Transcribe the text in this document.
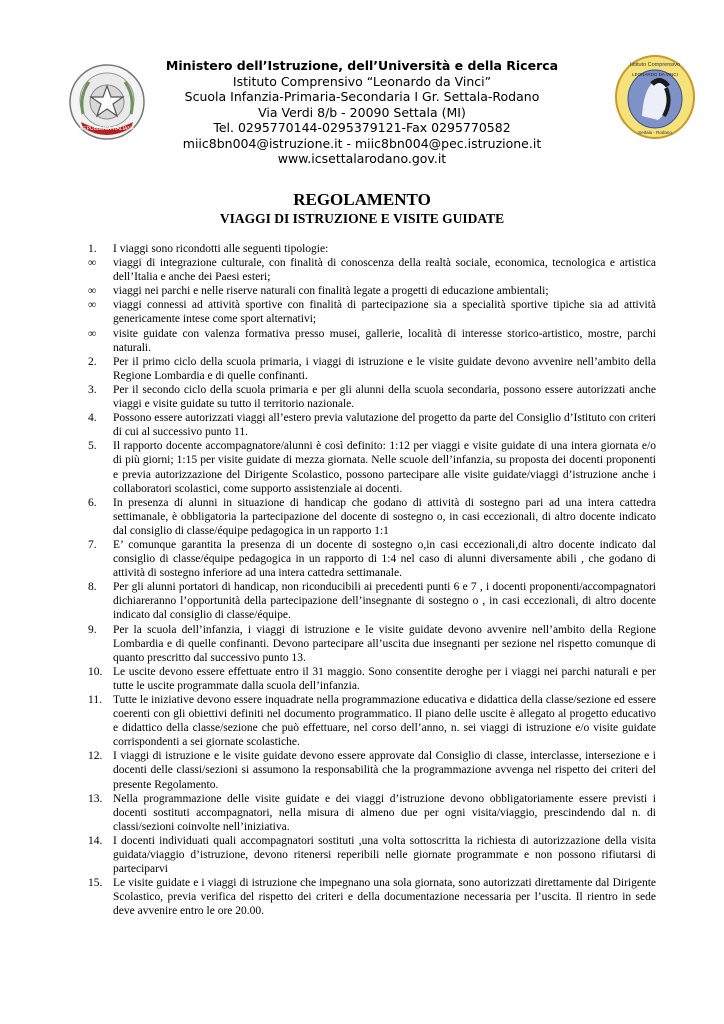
REPUBBLICA ITALIANA
Istituto Comprensivo
LEONARDO DA VINCI
Settala - Rodano
Ministero dell’Istruzione, dell’Università e della Ricerca
Istituto Comprensivo “Leonardo da Vinci”
Scuola Infanzia-Primaria-Secondaria I Gr. Settala-Rodano
Via Verdi 8/b - 20090 Settala (MI)
Tel. 0295770144-0295379121-Fax 0295770582
miic8bn004@istruzione.it - miic8bn004@pec.istruzione.it
www.icsettalarodano.gov.it
REGOLAMENTO
VIAGGI DI ISTRUZIONE E VISITE GUIDATE
1.	I viaggi sono ricondotti alle seguenti tipologie:
∞	viaggi di integrazione culturale, con finalità di conoscenza della realtà sociale, economica, tecnologica e artistica dell’Italia e anche dei Paesi esteri;
∞	viaggi nei parchi e nelle riserve naturali con finalità legate a progetti di educazione ambientali;
∞	viaggi connessi ad attività sportive con finalità di partecipazione sia a specialità sportive tipiche sia ad attività genericamente intese come sport alternativi;
∞	visite guidate con valenza formativa presso musei, gallerie, località di interesse storico-artistico, mostre, parchi naturali.
2.	Per il primo ciclo della scuola primaria, i viaggi di istruzione e le visite guidate devono avvenire nell’ambito della Regione Lombardia e di quelle confinanti.
3.	Per il secondo ciclo della scuola primaria e per gli alunni della scuola secondaria, possono essere autorizzati anche viaggi e visite guidate su tutto il territorio nazionale.
4.	Possono essere autorizzati viaggi all’estero previa valutazione del progetto da parte del Consiglio d’Istituto con criteri di cui al successivo punto 11.
5.	Il rapporto docente accompagnatore/alunni è così definito: 1:12 per viaggi e visite guidate di una intera giornata e/o di più giorni; 1:15 per visite guidate di mezza giornata. Nelle scuole dell’infanzia, su proposta dei docenti proponenti e previa autorizzazione del Dirigente Scolastico, possono partecipare alle visite guidate/viaggi d’istruzione anche i collaboratori scolastici, come supporto assistenziale ai docenti.
6.	In presenza di alunni in situazione di handicap che godano di attività di sostegno pari ad una intera cattedra settimanale, è obbligatoria la partecipazione del docente di sostegno o, in casi eccezionali, di altro docente indicato dal consiglio di classe/équipe pedagogica in un rapporto 1:1
7.	E’ comunque garantita la presenza di un docente di sostegno o,in casi eccezionali,di altro docente indicato dal consiglio di classe/équipe pedagogica in un rapporto di 1:4 nel caso di alunni diversamente abili , che godano di attività di sostegno inferiore ad una intera cattedra settimanale.
8.	Per gli alunni portatori di handicap, non riconducibili ai precedenti punti 6 e 7 , i docenti proponenti/accompagnatori dichiareranno l’opportunità della partecipazione dell’insegnante di sostegno o , in casi eccezionali, di altro docente indicato dal consiglio di classe/équipe.
9.	Per la scuola dell’infanzia, i viaggi di istruzione e le visite guidate devono avvenire nell’ambito della Regione Lombardia e di quelle confinanti. Devono partecipare all’uscita due insegnanti per sezione nel rispetto comunque di quanto prescritto dal successivo punto 13.
10. Le uscite devono essere effettuate entro il 31 maggio. Sono consentite deroghe per i viaggi nei parchi naturali e per tutte le uscite programmate dalla scuola dell’infanzia.
11. Tutte le iniziative devono essere inquadrate nella programmazione educativa e didattica della classe/sezione ed essere coerenti con gli obiettivi definiti nel documento programmatico. Il piano delle uscite è allegato al progetto educativo e didattico della classe/sezione che può effettuare, nel corso dell’anno, n. sei viaggi di istruzione e/o visite guidate corrispondenti a sei giornate scolastiche.
12. I viaggi di istruzione e le visite guidate devono essere approvate dal Consiglio di classe, interclasse, intersezione e i docenti delle classi/sezioni si assumono la responsabilità che la programmazione avvenga nel rispetto dei criteri del presente Regolamento.
13. Nella programmazione delle visite guidate e dei viaggi d’istruzione devono obbligatoriamente essere previsti i docenti sostituti accompagnatori, nella misura di almeno due per ogni visita/viaggio, prescindendo dal n. di classi/sezioni coinvolte nell’iniziativa.
14. I docenti individuati quali accompagnatori sostituti ,una volta sottoscritta la richiesta di autorizzazione della visita guidata/viaggio d’istruzione, devono ritenersi reperibili nelle giornate programmate e non possono rifiutarsi di parteciparvi
15. Le visite guidate e i viaggi di istruzione che impegnano una sola giornata, sono autorizzati direttamente dal Dirigente Scolastico, previa verifica del rispetto dei criteri e della documentazione necessaria per l’uscita. Il rientro in sede deve avvenire entro le ore 20.00.
